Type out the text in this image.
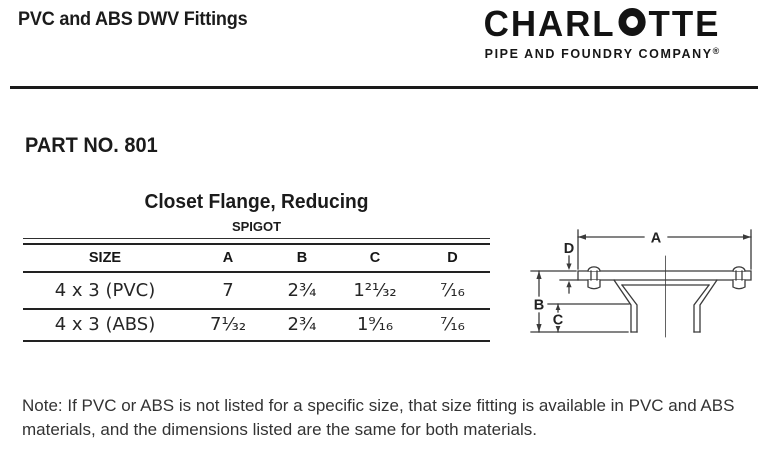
PVC and ABS DWV Fittings	CHARL TTE
PIPE AND FOUNDRY COMPANY®
PART NO. 801
Closet Flange, Reducing
SPIGOT
SIZE	A	B	C	D
4 x 3 (PVC)	7	2¾	1²¹⁄₃₂	⁷⁄₁₆
4 x 3 (ABS)	7¹⁄₃₂	2¾	1⁹⁄₁₆	⁷⁄₁₆
A
D
B
C

Note: If PVC or ABS is not listed for a specific size, that size fitting is available in PVC and ABS materials, and the dimensions listed are the same for both materials.
